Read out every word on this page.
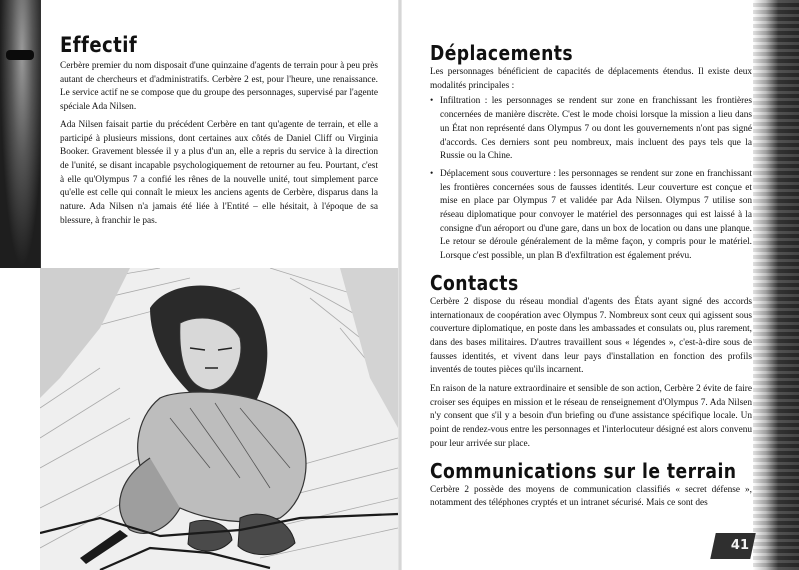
Effectif

Cerbère premier du nom disposait d'une quinzaine d'agents de terrain pour à peu près autant de chercheurs et d'administratifs. Cerbère 2 est, pour l'heure, une renaissance. Le service actif ne se compose que du groupe des personnages, supervisé par l'agente spéciale Ada Nilsen.

Ada Nilsen faisait partie du précédent Cerbère en tant qu'agente de terrain, et elle a participé à plusieurs missions, dont certaines aux côtés de Daniel Cliff ou Virginia Booker. Gravement blessée il y a plus d'un an, elle a repris du service à la direction de l'unité, se disant incapable psychologiquement de retourner au feu. Pourtant, c'est à elle qu'Olympus 7 a confié les rênes de la nouvelle unité, tout simplement parce qu'elle est celle qui connaît le mieux les anciens agents de Cerbère, disparus dans la nature. Ada Nilsen n'a jamais été liée à l'Entité – elle hésitait, à l'époque de sa blessure, à franchir le pas.

Déplacements

Les personnages bénéficient de capacités de déplacements étendus. Il existe deux modalités principales :

• Infiltration : les personnages se rendent sur zone en franchissant les frontières concernées de manière discrète. C'est le mode choisi lorsque la mission a lieu dans un État non représenté dans Olympus 7 ou dont les gouvernements n'ont pas signé d'accords. Ces derniers sont peu nombreux, mais incluent des pays tels que la Russie ou la Chine.
• Déplacement sous couverture : les personnages se rendent sur zone en franchissant les frontières concernées sous de fausses identités. Leur couverture est conçue et mise en place par Olympus 7 et validée par Ada Nilsen. Olympus 7 utilise son réseau diplomatique pour convoyer le matériel des personnages qui est laissé à la consigne d'un aéroport ou d'une gare, dans un box de location ou dans une planque. Le retour se déroule généralement de la même façon, y compris pour le matériel. Lorsque c'est possible, un plan B d'exfiltration est également prévu.
Contacts

Cerbère 2 dispose du réseau mondial d'agents des États ayant signé des accords internationaux de coopération avec Olympus 7. Nombreux sont ceux qui agissent sous couverture diplomatique, en poste dans les ambassades et consulats ou, plus rarement, dans des bases militaires. D'autres travaillent sous « légendes », c'est-à-dire sous de fausses identités, et vivent dans leur pays d'installation en fonction des profils inventés de toutes pièces qu'ils incarnent.

En raison de la nature extraordinaire et sensible de son action, Cerbère 2 évite de faire croiser ses équipes en mission et le réseau de renseignement d'Olympus 7. Ada Nilsen n'y consent que s'il y a besoin d'un briefing ou d'une assistance spécifique locale. Un point de rendez-vous entre les personnages et l'interlocuteur désigné est alors convenu pour leur arrivée sur place.

Communications sur le terrain

Cerbère 2 possède des moyens de communication classifiés « secret défense », notamment des téléphones cryptés et un intranet sécurisé. Mais ce sont des

41
